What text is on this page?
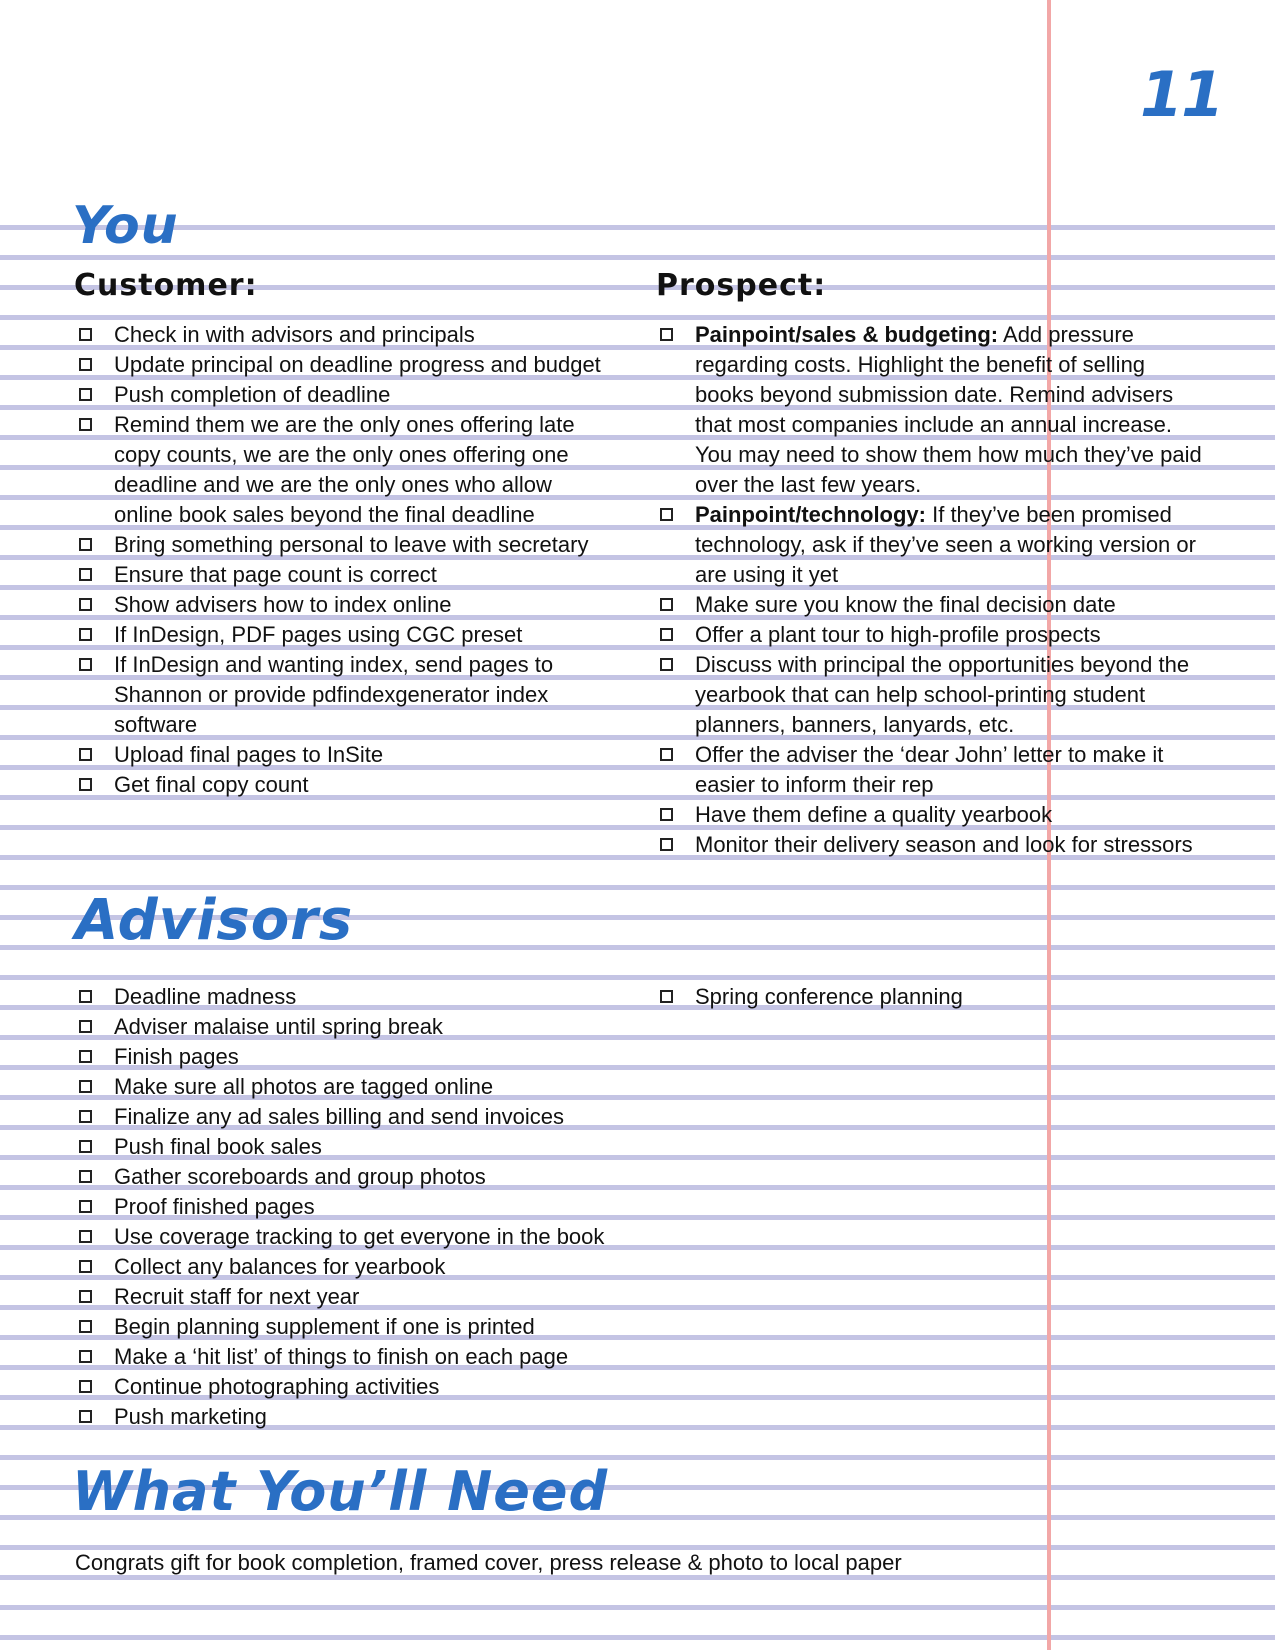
11
You
Customer:	Prospect:
Check in with advisors and principals
Update principal on deadline progress and budget
Push completion of deadline
Remind them we are the only ones offering late copy counts, we are the only ones offering one deadline and we are the only ones who allow online book sales beyond the final deadline
Bring something personal to leave with secretary
Ensure that page count is correct
Show advisers how to index online
If InDesign, PDF pages using CGC preset
If InDesign and wanting index, send pages to Shannon or provide pdfindexgenerator index software
Upload final pages to InSite
Get final copy count
Painpoint/sales & budgeting: Add pressure regarding costs. Highlight the benefit of selling books beyond submission date. Remind advisers that most companies include an annual increase. You may need to show them how much they’ve paid over the last few years.
Painpoint/technology: If they’ve been promised technology, ask if they’ve seen a working version or are using it yet
Make sure you know the final decision date
Offer a plant tour to high-profile prospects
Discuss with principal the opportunities beyond the yearbook that can help school-printing student planners, banners, lanyards, etc.
Offer the adviser the ‘dear John’ letter to make it easier to inform their rep
Have them define a quality yearbook
Monitor their delivery season and look for stressors
Advisors
Deadline madness
Adviser malaise until spring break
Finish pages
Make sure all photos are tagged online
Finalize any ad sales billing and send invoices
Push final book sales
Gather scoreboards and group photos
Proof finished pages
Use coverage tracking to get everyone in the book
Collect any balances for yearbook
Recruit staff for next year
Begin planning supplement if one is printed
Make a ‘hit list’ of things to finish on each page
Continue photographing activities
Push marketing
Spring conference planning
What You’ll Need
Congrats gift for book completion, framed cover, press release & photo to local paper
